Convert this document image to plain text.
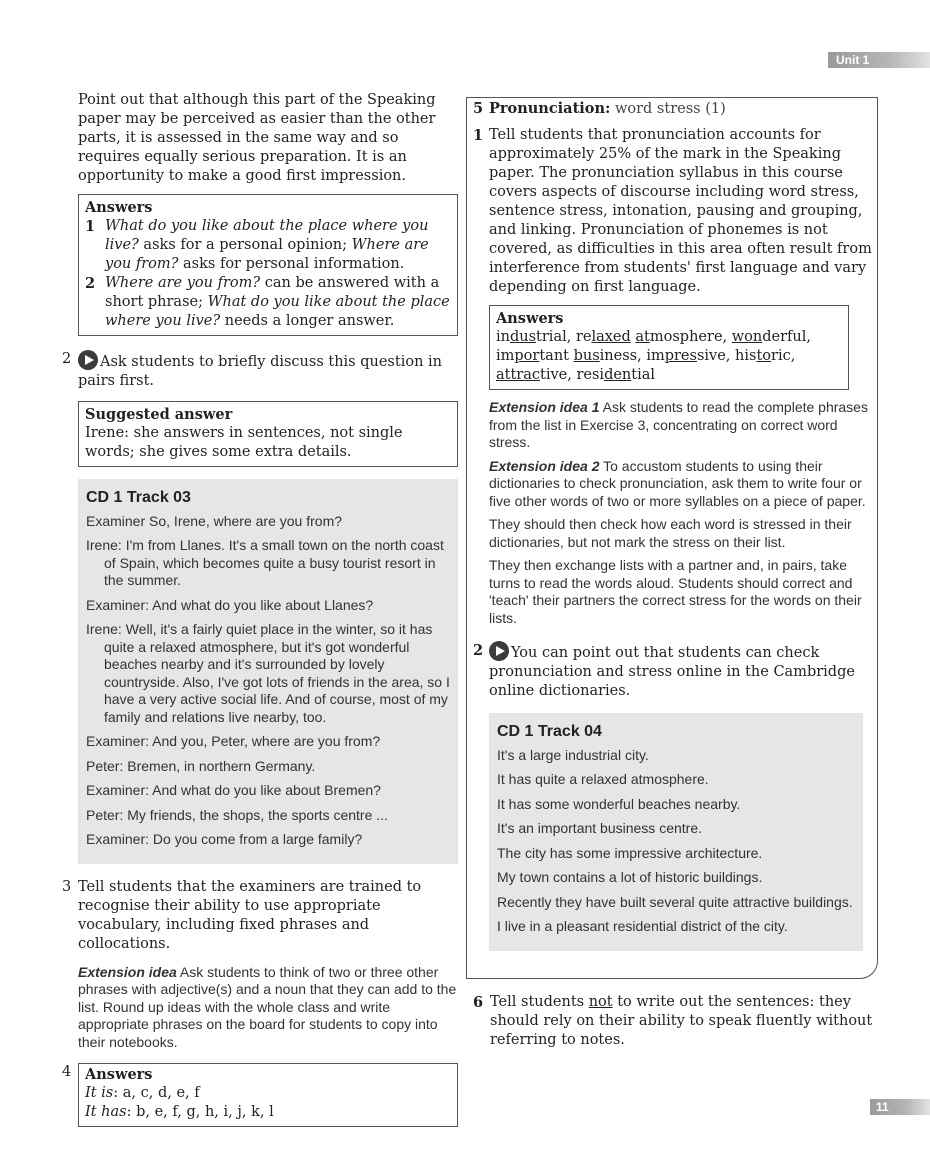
Unit 1
11
Point out that although this part of the Speaking paper may be perceived as easier than the other parts, it is assessed in the same way and so requires equally serious preparation. It is an opportunity to make a good first impression.
Answers
1 What do you like about the place where you live? asks for a personal opinion; Where are you from? asks for personal information.
2 Where are you from? can be answered with a short phrase; What do you like about the place where you live? needs a longer answer.
2 Ask students to briefly discuss this question in pairs first.
Suggested answer
Irene: she answers in sentences, not single words; she gives some extra details.
CD 1 Track 03
Examiner So, Irene, where are you from?
Irene: I'm from Llanes. It's a small town on the north coast of Spain, which becomes quite a busy tourist resort in the summer.
Examiner: And what do you like about Llanes?
Irene: Well, it's a fairly quiet place in the winter, so it has quite a relaxed atmosphere, but it's got wonderful beaches nearby and it's surrounded by lovely countryside. Also, I've got lots of friends in the area, so I have a very active social life. And of course, most of my family and relations live nearby, too.
Examiner: And you, Peter, where are you from?
Peter: Bremen, in northern Germany.
Examiner: And what do you like about Bremen?
Peter: My friends, the shops, the sports centre ...
Examiner: Do you come from a large family?
3 Tell students that the examiners are trained to recognise their ability to use appropriate vocabulary, including fixed phrases and collocations.
Extension idea Ask students to think of two or three other phrases with adjective(s) and a noun that they can add to the list. Round up ideas with the whole class and write appropriate phrases on the board for students to copy into their notebooks.
4 Answers
It is: a, c, d, e, f
It has: b, e, f, g, h, i, j, k, l
5 Pronunciation: word stress (1)
1 Tell students that pronunciation accounts for approximately 25% of the mark in the Speaking paper. The pronunciation syllabus in this course covers aspects of discourse including word stress, sentence stress, intonation, pausing and grouping, and linking. Pronunciation of phonemes is not covered, as difficulties in this area often result from interference from students' first language and vary depending on first language.
Answers
industrial, relaxed atmosphere, wonderful,
important business, impressive, historic,
attractive, residential
Extension idea 1 Ask students to read the complete phrases from the list in Exercise 3, concentrating on correct word stress.
Extension idea 2 To accustom students to using their dictionaries to check pronunciation, ask them to write four or five other words of two or more syllables on a piece of paper.
They should then check how each word is stressed in their dictionaries, but not mark the stress on their list.
They then exchange lists with a partner and, in pairs, take turns to read the words aloud. Students should correct and 'teach' their partners the correct stress for the words on their lists.
2 You can point out that students can check pronunciation and stress online in the Cambridge online dictionaries.
CD 1 Track 04
It's a large industrial city.
It has quite a relaxed atmosphere.
It has some wonderful beaches nearby.
It's an important business centre.
The city has some impressive architecture.
My town contains a lot of historic buildings.
Recently they have built several quite attractive buildings.
I live in a pleasant residential district of the city.
6 Tell students not to write out the sentences: they should rely on their ability to speak fluently without referring to notes.
